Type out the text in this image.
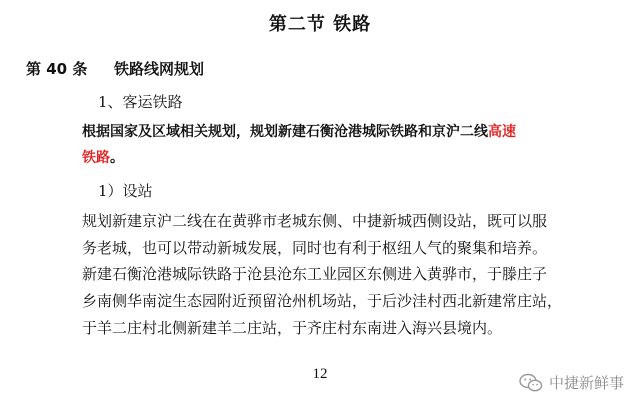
第二节 铁路
第 40 条 铁路线网规划
1、客运铁路
根据国家及区域相关规划，规划新建石衡沧港城际铁路和京沪二线高速
铁路。
1）设站
规划新建京沪二线在在黄骅市老城东侧、中捷新城西侧设站，既可以服
务老城，也可以带动新城发展，同时也有利于枢纽人气的聚集和培养。
新建石衡沧港城际铁路于沧县沧东工业园区东侧进入黄骅市，于滕庄子
乡南侧华南淀生态园附近预留沧州机场站，于后沙洼村西北新建常庄站，
于羊二庄村北侧新建羊二庄站，于齐庄村东南进入海兴县境内。
12	中捷新鲜事
